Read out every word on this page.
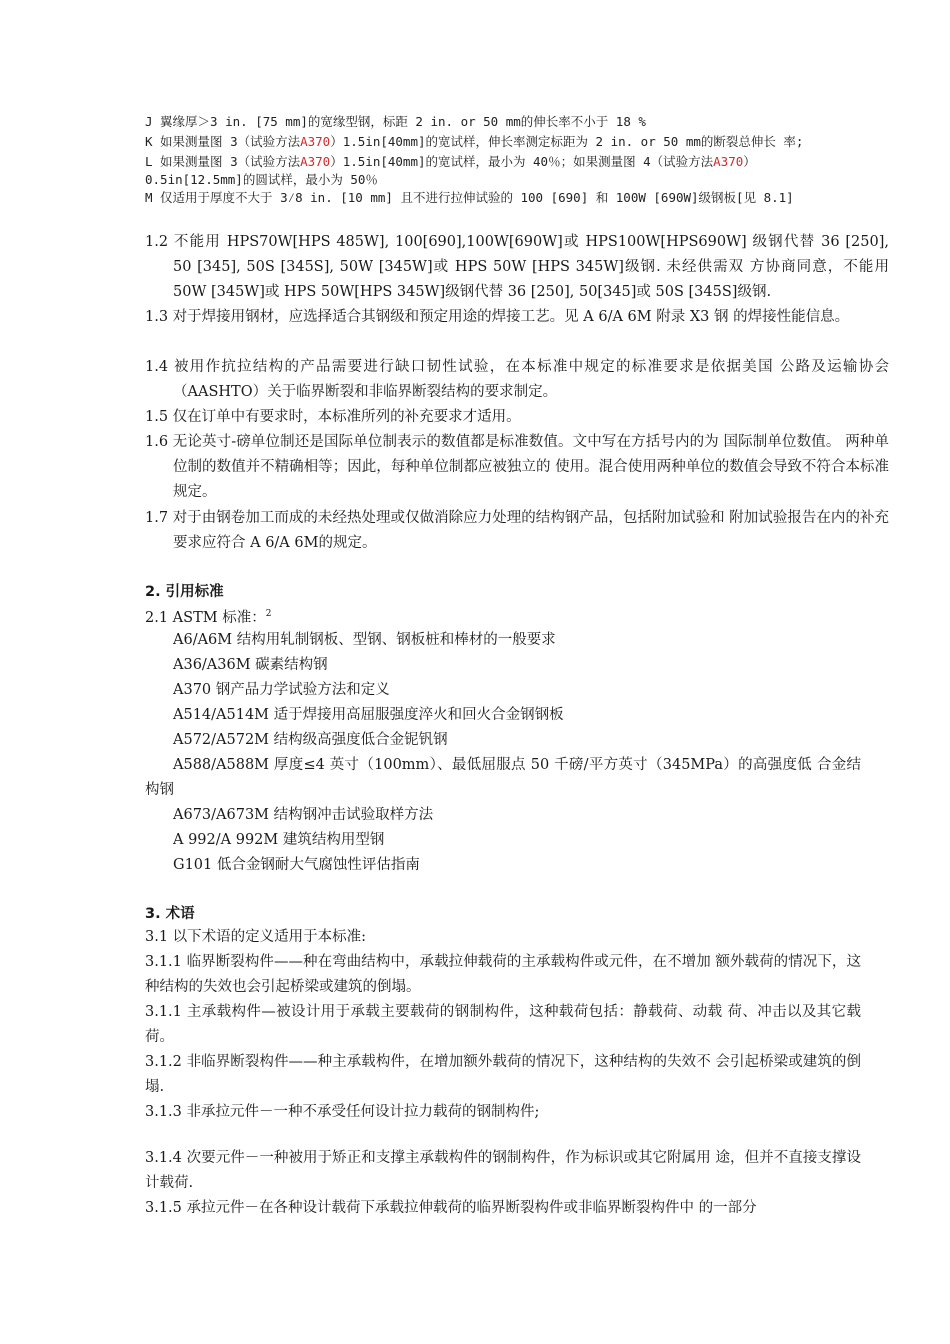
J 翼缘厚＞3 in. [75 mm]的宽缘型钢，标距 2 in. or 50 mm的伸长率不小于 18 %
K 如果测量图 3（试验方法A370）1.5in[40mm]的宽试样，伸长率测定标距为 2 in. or 50 mm的断裂总伸长 率;
L 如果测量图 3（试验方法A370）1.5in[40mm]的宽试样，最小为 40％；如果测量图 4（试验方法A370）
0.5in[12.5mm]的圆试样，最小为 50％
M 仅适用于厚度不大于 3⁄8 in. [10 mm] 且不进行拉伸试验的 100 [690] 和 100W [690W]级钢板[见 8.1]
1.2 不能用 HPS70W[HPS 485W], 100[690],100W[690W]或 HPS100W[HPS690W] 级钢代替 36 [250], 50 [345], 50S [345S], 50W [345W]或 HPS 50W [HPS 345W]级钢. 未经供需双 方协商同意，不能用 50W [345W]或 HPS 50W[HPS 345W]级钢代替 36 [250], 50[345]或 50S [345S]级钢.
1.3 对于焊接用钢材，应选择适合其钢级和预定用途的焊接工艺。见 A 6/A 6M 附录 X3 钢 的焊接性能信息。
1.4 被用作抗拉结构的产品需要进行缺口韧性试验，在本标准中规定的标准要求是依据美国 公路及运输协会（AASHTO）关于临界断裂和非临界断裂结构的要求制定。
1.5 仅在订单中有要求时，本标准所列的补充要求才适用。
1.6 无论英寸-磅单位制还是国际单位制表示的数值都是标准数值。文中写在方括号内的为 国际制单位数值。 两种单位制的数值并不精确相等；因此，每种单位制都应被独立的 使用。混合使用两种单位的数值会导致不符合本标准规定。
1.7 对于由钢卷加工而成的未经热处理或仅做消除应力处理的结构钢产品，包括附加试验和 附加试验报告在内的补充要求应符合 A 6/A 6M的规定。
2. 引用标准
2.1 ASTM 标准：$^2$
A6/A6M 结构用轧制钢板、型钢、钢板桩和棒材的一般要求
A36/A36M 碳素结构钢
A370 钢产品力学试验方法和定义
A514/A514M 适于焊接用高屈服强度淬火和回火合金钢钢板
A572/A572M 结构级高强度低合金铌钒钢
A588/A588M 厚度≤4 英寸（100mm）、最低屈服点 50 千磅/平方英寸（345MPa）的高强度低 合金结构钢
A673/A673M 结构钢冲击试验取样方法
A 992/A 992M 建筑结构用型钢
G101 低合金钢耐大气腐蚀性评估指南
3. 术语
3.1 以下术语的定义适用于本标准:
3.1.1 临界断裂构件——种在弯曲结构中，承载拉伸载荷的主承载构件或元件，在不增加 额外载荷的情况下，这种结构的失效也会引起桥梁或建筑的倒塌。
3.1.1 主承载构件—被设计用于承载主要载荷的钢制构件，这种载荷包括：静载荷、动载 荷、冲击以及其它载荷。
3.1.2 非临界断裂构件——种主承载构件，在增加额外载荷的情况下，这种结构的失效不 会引起桥梁或建筑的倒塌.
3.1.3 非承拉元件－一种不承受任何设计拉力载荷的钢制构件;
3.1.4 次要元件－一种被用于矫正和支撑主承载构件的钢制构件，作为标识或其它附属用 途，但并不直接支撑设计载荷.
3.1.5 承拉元件－在各种设计载荷下承载拉伸载荷的临界断裂构件或非临界断裂构件中 的一部分
